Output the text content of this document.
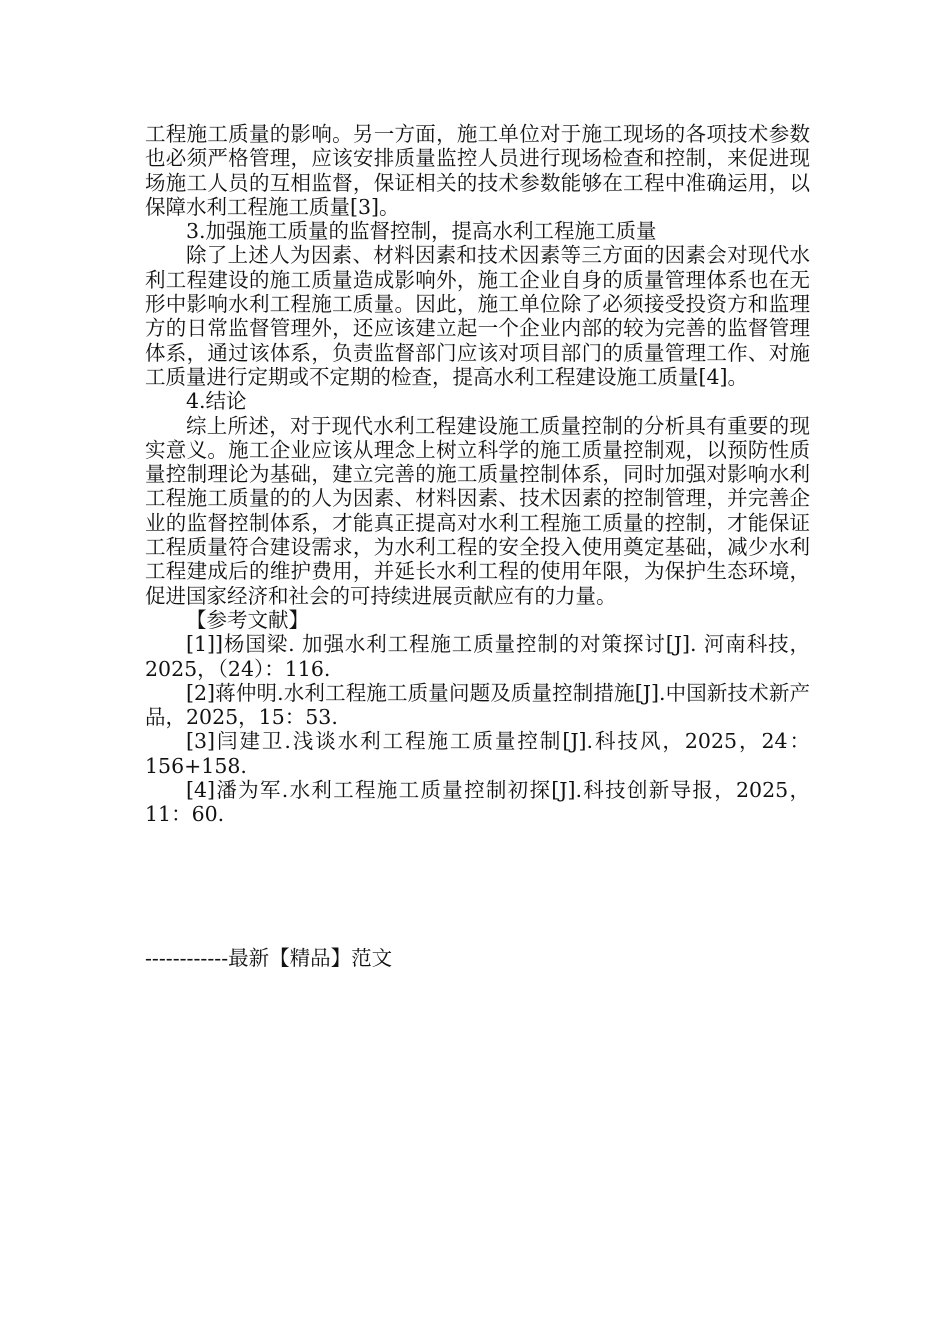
工程施工质量的影响。另一方面，施工单位对于施工现场的各项技术参数也必须严格管理，应该安排质量监控人员进行现场检查和控制，来促进现场施工人员的互相监督，保证相关的技术参数能够在工程中准确运用，以保障水利工程施工质量[3]。

3.加强施工质量的监督控制，提高水利工程施工质量

除了上述人为因素、材料因素和技术因素等三方面的因素会对现代水利工程建设的施工质量造成影响外，施工企业自身的质量管理体系也在无形中影响水利工程施工质量。因此，施工单位除了必须接受投资方和监理方的日常监督管理外，还应该建立起一个企业内部的较为完善的监督管理体系，通过该体系，负责监督部门应该对项目部门的质量管理工作、对施工质量进行定期或不定期的检查，提高水利工程建设施工质量[4]。

4.结论

综上所述，对于现代水利工程建设施工质量控制的分析具有重要的现实意义。施工企业应该从理念上树立科学的施工质量控制观，以预防性质量控制理论为基础，建立完善的施工质量控制体系，同时加强对影响水利工程施工质量的的人为因素、材料因素、技术因素的控制管理，并完善企业的监督控制体系，才能真正提高对水利工程施工质量的控制，才能保证工程质量符合建设需求，为水利工程的安全投入使用奠定基础，减少水利工程建成后的维护费用，并延长水利工程的使用年限，为保护生态环境，促进国家经济和社会的可持续进展贡献应有的力量。

【参考文献】

[1]]杨国梁. 加强水利工程施工质量控制的对策探讨[J]. 河南科技，2025，（24）：116.

[2]蒋仲明.水利工程施工质量问题及质量控制措施[J].中国新技术新产品，2025，15：53.

[3]闫建卫.浅谈水利工程施工质量控制[J].科技风，2025，24：156+158.

[4]潘为军.水利工程施工质量控制初探[J].科技创新导报，2025，11：60.

------------最新【精品】范文
